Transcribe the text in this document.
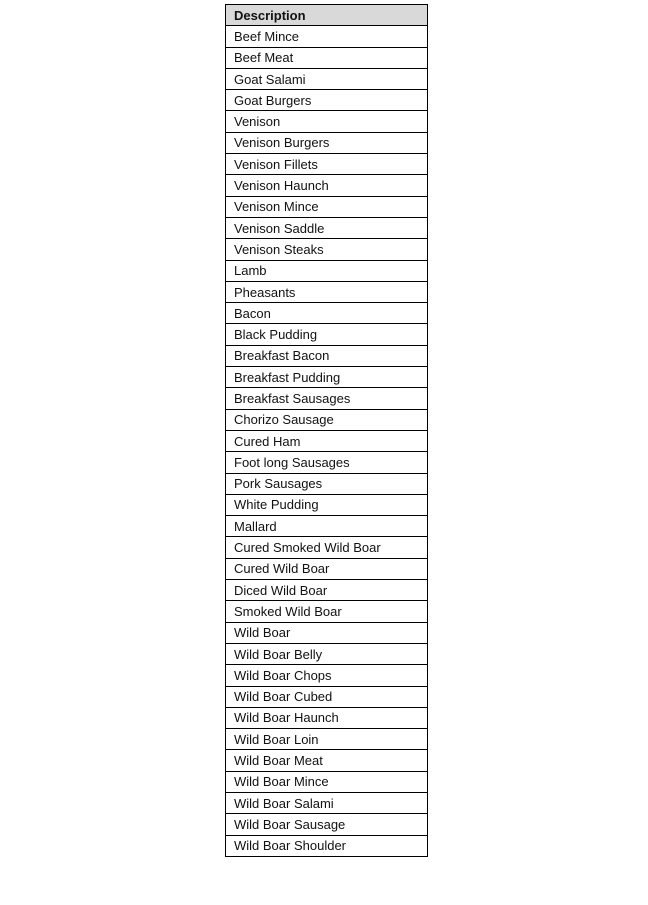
Description
Beef Mince
Beef Meat
Goat Salami
Goat Burgers
Venison
Venison Burgers
Venison Fillets
Venison Haunch
Venison Mince
Venison Saddle
Venison Steaks
Lamb
Pheasants
Bacon
Black Pudding
Breakfast Bacon
Breakfast Pudding
Breakfast Sausages
Chorizo Sausage
Cured Ham
Foot long Sausages
Pork Sausages
White Pudding
Mallard
Cured Smoked Wild Boar
Cured Wild Boar
Diced Wild Boar
Smoked Wild Boar
Wild Boar
Wild Boar Belly
Wild Boar Chops
Wild Boar Cubed
Wild Boar Haunch
Wild Boar Loin
Wild Boar Meat
Wild Boar Mince
Wild Boar Salami
Wild Boar Sausage
Wild Boar Shoulder
